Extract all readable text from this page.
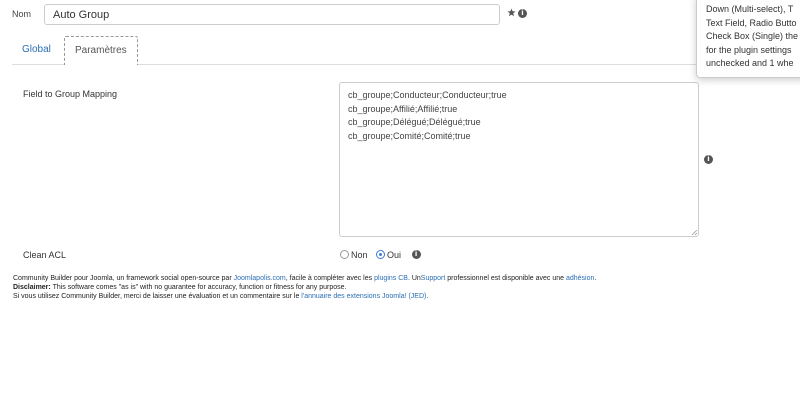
Nom
Auto Group	i
Global	Paramètres
Field to Group Mapping
cb_groupe;Conducteur;Conducteur;true cb_groupe;Affilié;Affilié;true cb_groupe;Délégué;Délégué;true cb_groupe;Comité;Comité;true
i
Clean ACL	Non Oui i
Community Builder pour Joomla, un framework social open-source par Joomlapolis.com, facile à compléter avec les plugins CB. UnSupport professionnel est disponible avec une adhésion.
Disclaimer: This software comes "as is" with no guarantee for accuracy, function or fitness for any purpose.
Si vous utilisez Community Builder, merci de laisser une évaluation et un commentaire sur le l'annuaire des extensions Joomla! (JED).
Down (Multi-select), T
Text Field, Radio Butto
Check Box (Single) the
for the plugin settings
unchecked and 1 whe
